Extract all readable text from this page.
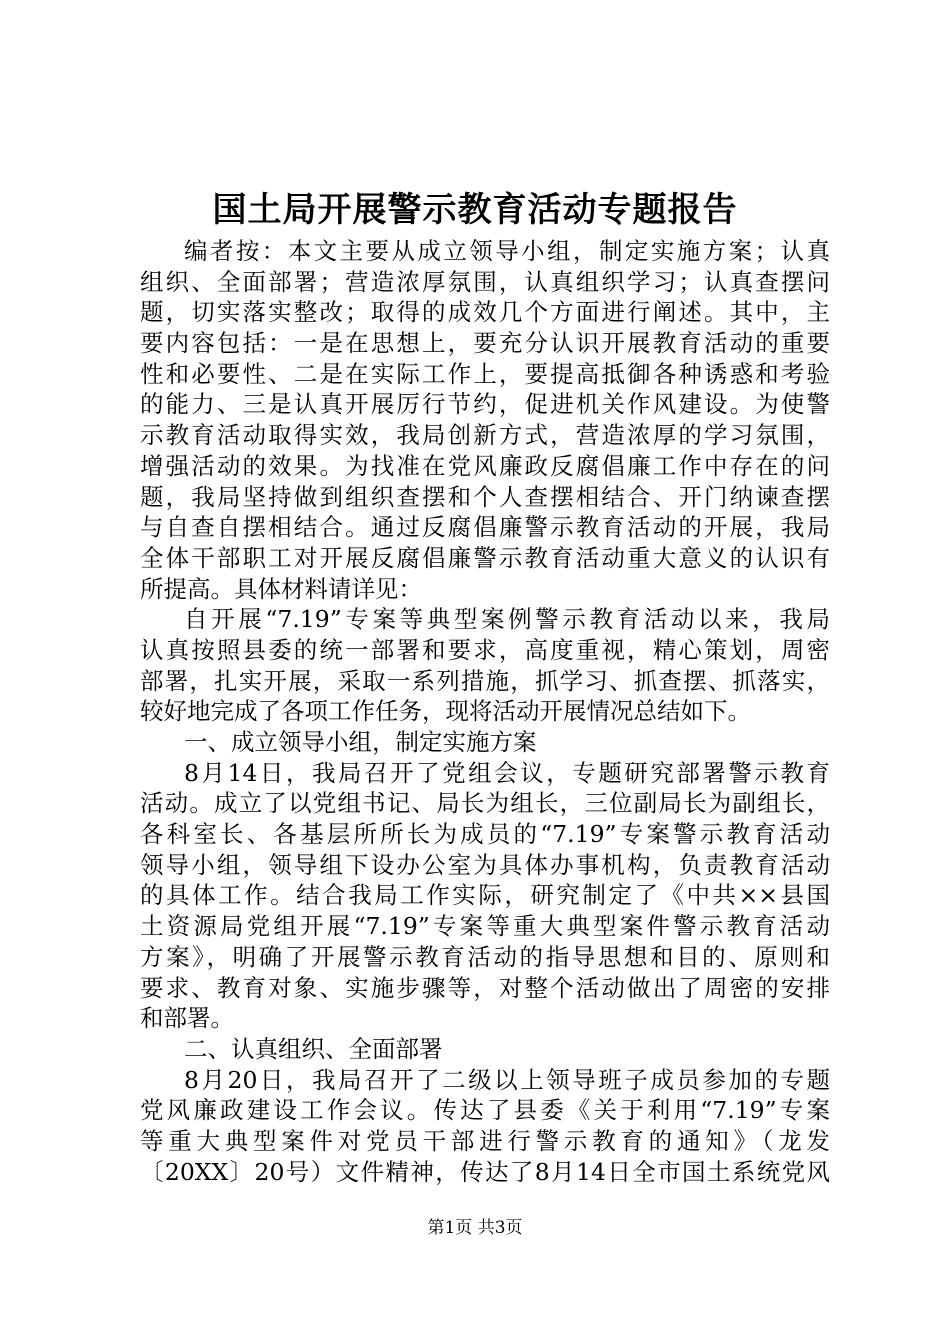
国土局开展警示教育活动专题报告
编者按：本文主要从成立领导小组，制定实施方案；认真
组织、全面部署；营造浓厚氛围，认真组织学习；认真查摆问
题，切实落实整改；取得的成效几个方面进行阐述。其中，主
要内容包括：一是在思想上，要充分认识开展教育活动的重要
性和必要性、二是在实际工作上，要提高抵御各种诱惑和考验
的能力、三是认真开展厉行节约，促进机关作风建设。为使警
示教育活动取得实效，我局创新方式，营造浓厚的学习氛围，
增强活动的效果。为找准在党风廉政反腐倡廉工作中存在的问
题，我局坚持做到组织查摆和个人查摆相结合、开门纳谏查摆
与自查自摆相结合。通过反腐倡廉警示教育活动的开展，我局
全体干部职工对开展反腐倡廉警示教育活动重大意义的认识有
所提高。具体材料请详见：
自开展“7.19”专案等典型案例警示教育活动以来，我局
认真按照县委的统一部署和要求，高度重视，精心策划，周密
部署，扎实开展，采取一系列措施，抓学习、抓查摆、抓落实，
较好地完成了各项工作任务，现将活动开展情况总结如下。
一、成立领导小组，制定实施方案
8月14日，我局召开了党组会议，专题研究部署警示教育
活动。成立了以党组书记、局长为组长，三位副局长为副组长，
各科室长、各基层所所长为成员的“7.19”专案警示教育活动
领导小组，领导组下设办公室为具体办事机构，负责教育活动
的具体工作。结合我局工作实际，研究制定了《中共××县国
土资源局党组开展“7.19”专案等重大典型案件警示教育活动
方案》，明确了开展警示教育活动的指导思想和目的、原则和
要求、教育对象、实施步骤等，对整个活动做出了周密的安排
和部署。
二、认真组织、全面部署
8月20日，我局召开了二级以上领导班子成员参加的专题
党风廉政建设工作会议。传达了县委《关于利用“7.19”专案
等重大典型案件对党员干部进行警示教育的通知》（龙发
〔20XX〕20号）文件精神，传达了8月14日全市国土系统党风
第1页 共3页
